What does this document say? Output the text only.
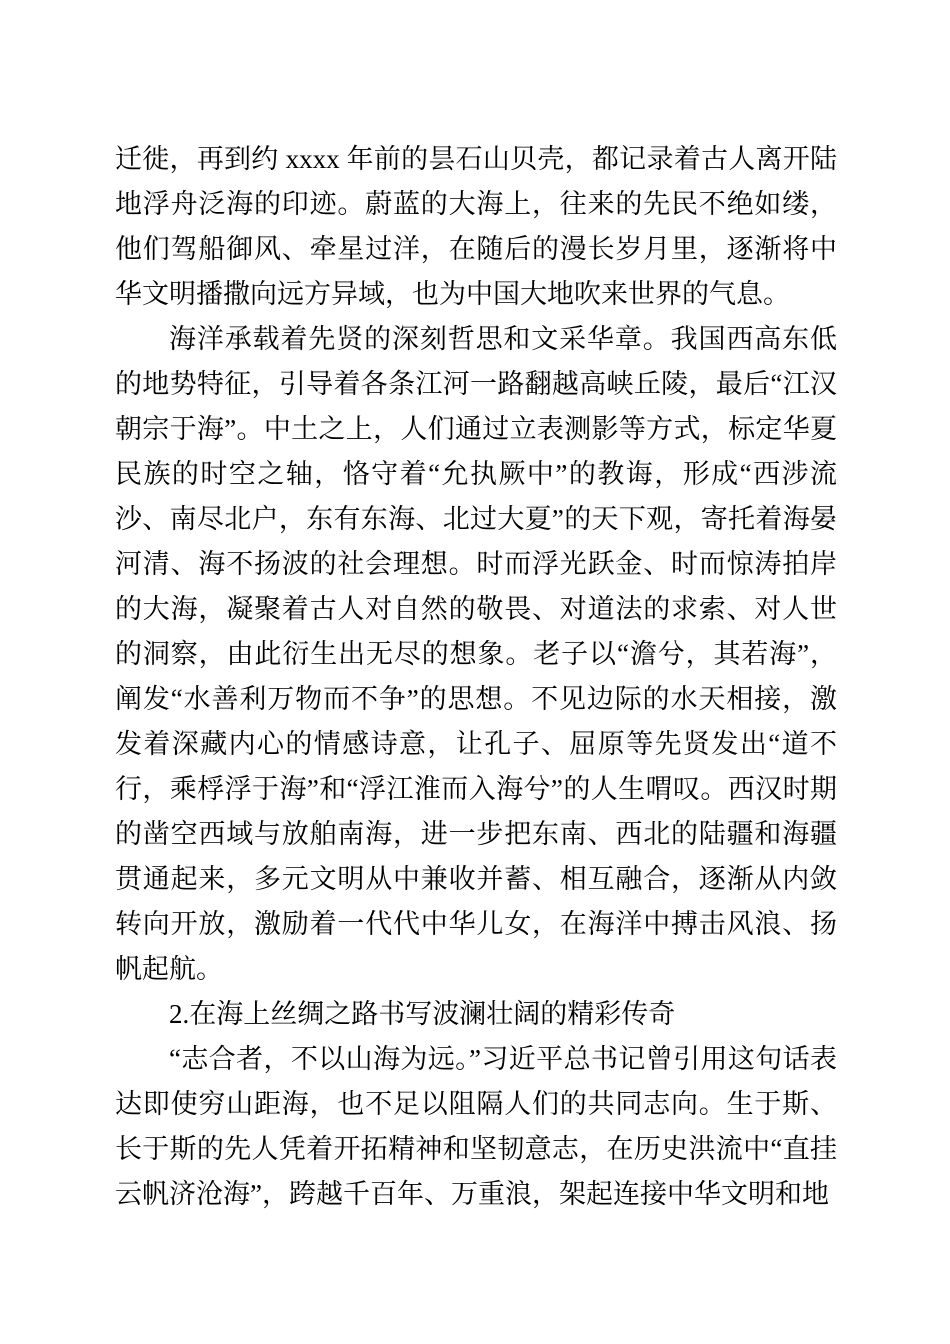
迁徙，再到约 xxxx 年前的昙石山贝壳，都记录着古人离开陆地浮舟泛海的印迹。蔚蓝的大海上，往来的先民不绝如缕，他们驾船御风、牵星过洋，在随后的漫长岁月里，逐渐将中华文明播撒向远方异域，也为中国大地吹来世界的气息。

海洋承载着先贤的深刻哲思和文采华章。我国西高东低的地势特征，引导着各条江河一路翻越高峡丘陵，最后“江汉朝宗于海”。中土之上，人们通过立表测影等方式，标定华夏民族的时空之轴，恪守着“允执厥中”的教诲，形成“西涉流沙、南尽北户，东有东海、北过大夏”的天下观，寄托着海晏河清、海不扬波的社会理想。时而浮光跃金、时而惊涛拍岸的大海，凝聚着古人对自然的敬畏、对道法的求索、对人世的洞察，由此衍生出无尽的想象。老子以“澹兮，其若海”，阐发“水善利万物而不争”的思想。不见边际的水天相接，激发着深藏内心的情感诗意，让孔子、屈原等先贤发出“道不行，乘桴浮于海”和“浮江淮而入海兮”的人生喟叹。西汉时期的凿空西域与放舶南海，进一步把东南、西北的陆疆和海疆贯通起来，多元文明从中兼收并蓄、相互融合，逐渐从内敛转向开放，激励着一代代中华儿女，在海洋中搏击风浪、扬帆起航。

2.在海上丝绸之路书写波澜壮阔的精彩传奇

“志合者，不以山海为远。”习近平总书记曾引用这句话表达即使穷山距海，也不足以阻隔人们的共同志向。生于斯、长于斯的先人凭着开拓精神和坚韧意志，在历史洪流中“直挂云帆济沧海”，跨越千百年、万重浪，架起连接中华文明和地
